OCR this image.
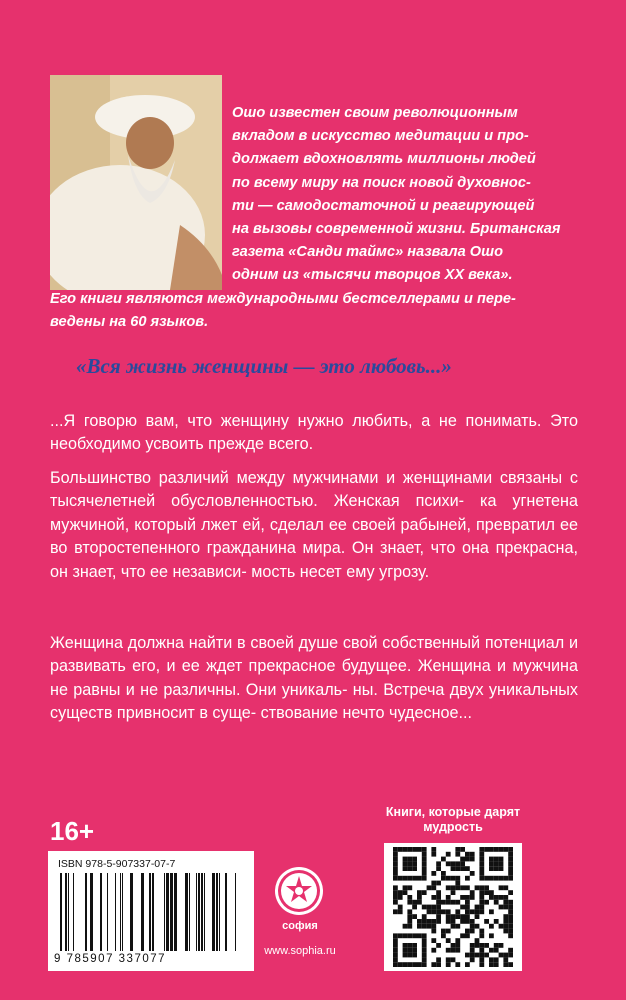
Ошо известен своим революционным
вкладом в искусство медитации и про-
должает вдохновлять миллионы людей
по всему миру на поиск новой духовнос-
ти — самодостаточной и реагирующей
на вызовы современной жизни. Британская
газета «Санди таймс» назвала Ошо
одним из «тысячи творцов XX века».
Его книги являются международными бестселлерами и пере-
ведены на 60 языков.

«Вся жизнь женщины — это любовь...»

...Я говорю вам, что женщину нужно любить, а не понимать. Это необходимо усвоить прежде всего.

Большинство различий между мужчинами и женщинами связаны с тысячелетней обусловленностью. Женская психи- ка угнетена мужчиной, который лжет ей, сделал ее своей рабыней, превратил ее во второстепенного гражданина мира. Он знает, что она прекрасна, он знает, что ее независи- мость несет ему угрозу.

Женщина должна найти в своей душе свой собственный потенциал и развивать его, и ее ждет прекрасное будущее. Женщина и мужчина не равны и не различны. Они уникаль- ны. Встреча двух уникальных существ привносит в суще- ствование нечто чудесное...

16+

ISBN 978-5-907337-07-7

9 785907 337077

софия

www.sophia.ru

Книги, которые дарят мудрость
